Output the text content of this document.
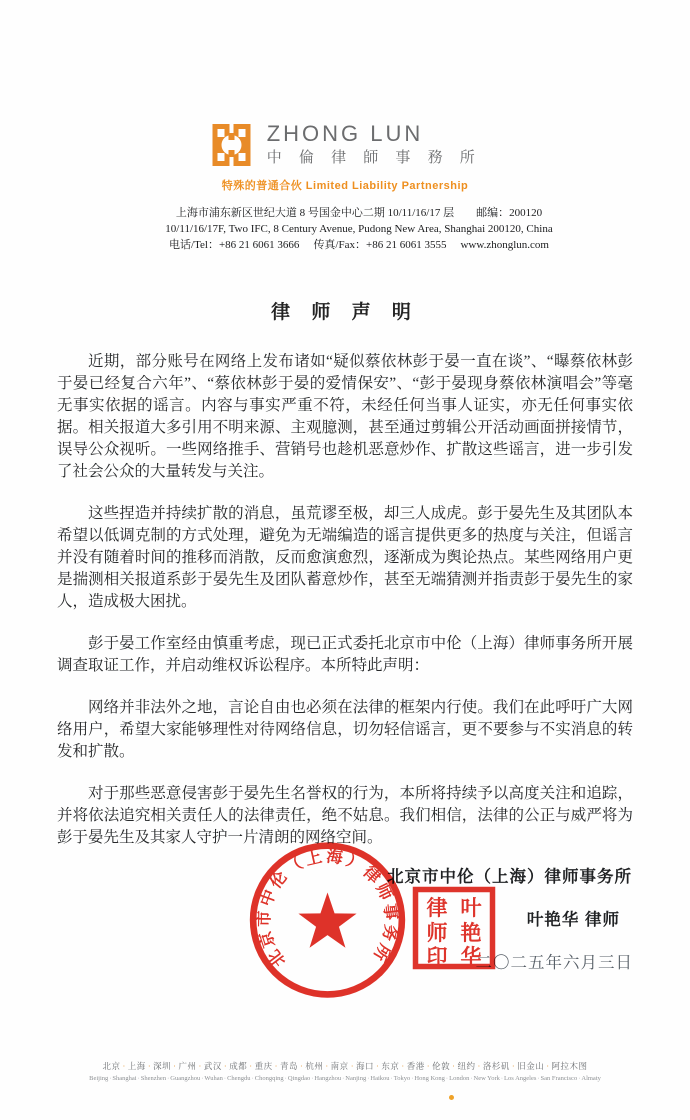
ZHONG LUN
中 倫 律 師 事 務 所
特殊的普通合伙 Limited Liability Partnership
上海市浦东新区世纪大道 8 号国金中心二期 10/11/16/17 层 邮编：200120
10/11/16/17F, Two IFC, 8 Century Avenue, Pudong New Area, Shanghai 200120, China
电话/Tel：+86 21 6061 3666 传真/Fax：+86 21 6061 3555 www.zhonglun.com
律 师 声 明

近期，部分账号在网络上发布诸如“疑似蔡依林彭于晏一直在谈”、“曝蔡依林彭于晏已经复合六年”、“蔡依林彭于晏的爱情保安”、“彭于晏现身蔡依林演唱会”等毫无事实依据的谣言。内容与事实严重不符，未经任何当事人证实，亦无任何事实依据。相关报道大多引用不明来源、主观臆测，甚至通过剪辑公开活动画面拼接情节，误导公众视听。一些网络推手、营销号也趁机恶意炒作、扩散这些谣言，进一步引发了社会公众的大量转发与关注。

这些捏造并持续扩散的消息，虽荒谬至极，却三人成虎。彭于晏先生及其团队本希望以低调克制的方式处理，避免为无端编造的谣言提供更多的热度与关注，但谣言并没有随着时间的推移而消散，反而愈演愈烈，逐渐成为舆论热点。某些网络用户更是揣测相关报道系彭于晏先生及团队蓄意炒作，甚至无端猜测并指责彭于晏先生的家人，造成极大困扰。

彭于晏工作室经由慎重考虑，现已正式委托北京市中伦（上海）律师事务所开展调查取证工作，并启动维权诉讼程序。本所特此声明：

网络并非法外之地，言论自由也必须在法律的框架内行使。我们在此呼吁广大网络用户，希望大家能够理性对待网络信息，切勿轻信谣言，更不要参与不实消息的转发和扩散。

对于那些恶意侵害彭于晏先生名誉权的行为，本所将持续予以高度关注和追踪，并将依法追究相关责任人的法律责任，绝不姑息。我们相信，法律的公正与威严将为彭于晏先生及其家人守护一片清朗的网络空间。

北京市中伦（上海）律师事务所
叶艳华 律师
二〇二五年六月三日
北京市中伦（上海）律师事务所
律 叶
师 艳
印 华
北京 · 上海 · 深圳 · 广州 · 武汉 · 成都 · 重庆 · 青岛 · 杭州 · 南京 · 海口 · 东京 · 香港 · 伦敦 · 纽约 · 洛杉矶 · 旧金山 · 阿拉木图
Beijing·Shanghai·Shenzhen·Guangzhou·Wuhan·Chengdu·Chongqing·Qingdao·Hangzhou·Nanjing·Haikou·Tokyo·Hong Kong·London·New York·Los Angeles·San Francisco·Almaty
